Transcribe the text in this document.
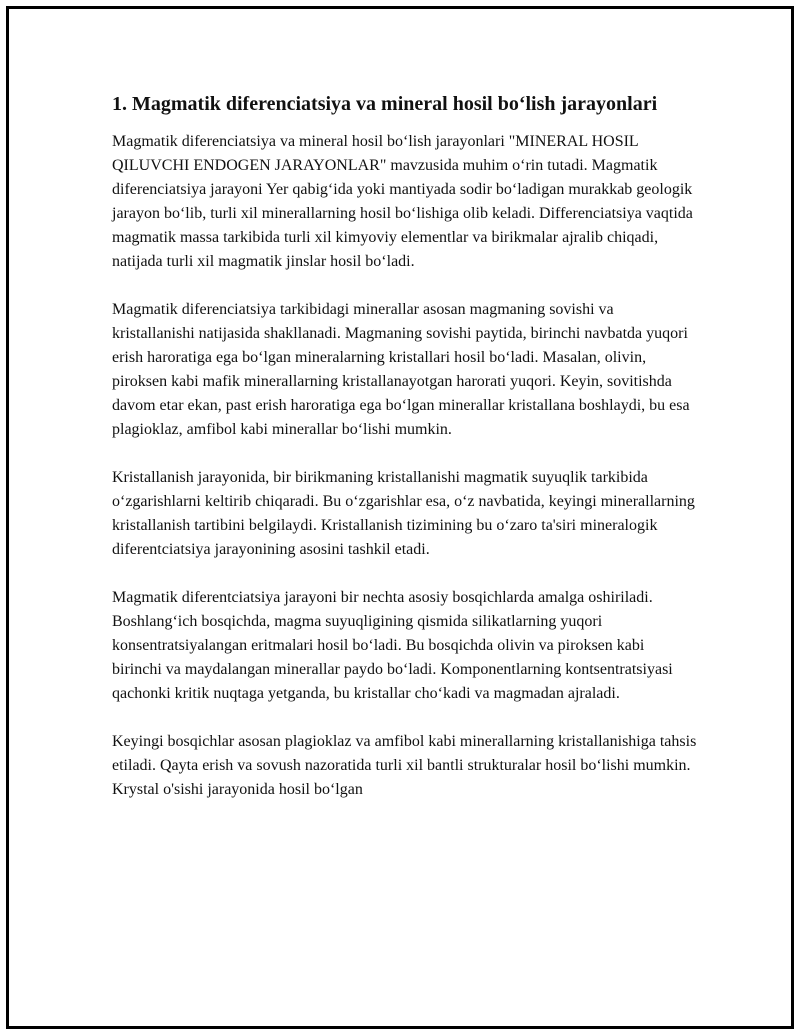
1. Magmatik diferenciatsiya va mineral hosil bo‘lish jarayonlari

Magmatik diferenciatsiya va mineral hosil bo‘lish jarayonlari "MINERAL HOSIL QILUVCHI ENDOGEN JARAYONLAR" mavzusida muhim o‘rin tutadi. Magmatik diferenciatsiya jarayoni Yer qabig‘ida yoki mantiyada sodir bo‘ladigan murakkab geologik jarayon bo‘lib, turli xil minerallarning hosil bo‘lishiga olib keladi. Differenciatsiya vaqtida magmatik massa tarkibida turli xil kimyoviy elementlar va birikmalar ajralib chiqadi, natijada turli xil magmatik jinslar hosil bo‘ladi.

Magmatik diferenciatsiya tarkibidagi minerallar asosan magmaning sovishi va kristallanishi natijasida shakllanadi. Magmaning sovishi paytida, birinchi navbatda yuqori erish haroratiga ega bo‘lgan mineralarning kristallari hosil bo‘ladi. Masalan, olivin, piroksen kabi mafik minerallarning kristallanayotgan harorati yuqori. Keyin, sovitishda davom etar ekan, past erish haroratiga ega bo‘lgan minerallar kristallana boshlaydi, bu esa plagioklaz, amfibol kabi minerallar bo‘lishi mumkin.

Kristallanish jarayonida, bir birikmaning kristallanishi magmatik suyuqlik tarkibida o‘zgarishlarni keltirib chiqaradi. Bu o‘zgarishlar esa, o‘z navbatida, keyingi minerallarning kristallanish tartibini belgilaydi. Kristallanish tizimining bu o‘zaro ta'siri mineralogik diferentciatsiya jarayonining asosini tashkil etadi.

Magmatik diferentciatsiya jarayoni bir nechta asosiy bosqichlarda amalga oshiriladi. Boshlang‘ich bosqichda, magma suyuqligining qismida silikatlarning yuqori konsentratsiyalangan eritmalari hosil bo‘ladi. Bu bosqichda olivin va piroksen kabi birinchi va maydalangan minerallar paydo bo‘ladi. Komponentlarning kontsentratsiyasi qachonki kritik nuqtaga yetganda, bu kristallar cho‘kadi va magmadan ajraladi.

Keyingi bosqichlar asosan plagioklaz va amfibol kabi minerallarning kristallanishiga tahsis etiladi. Qayta erish va sovush nazoratida turli xil bantli strukturalar hosil bo‘lishi mumkin. Krystal o'sishi jarayonida hosil bo‘lgan
